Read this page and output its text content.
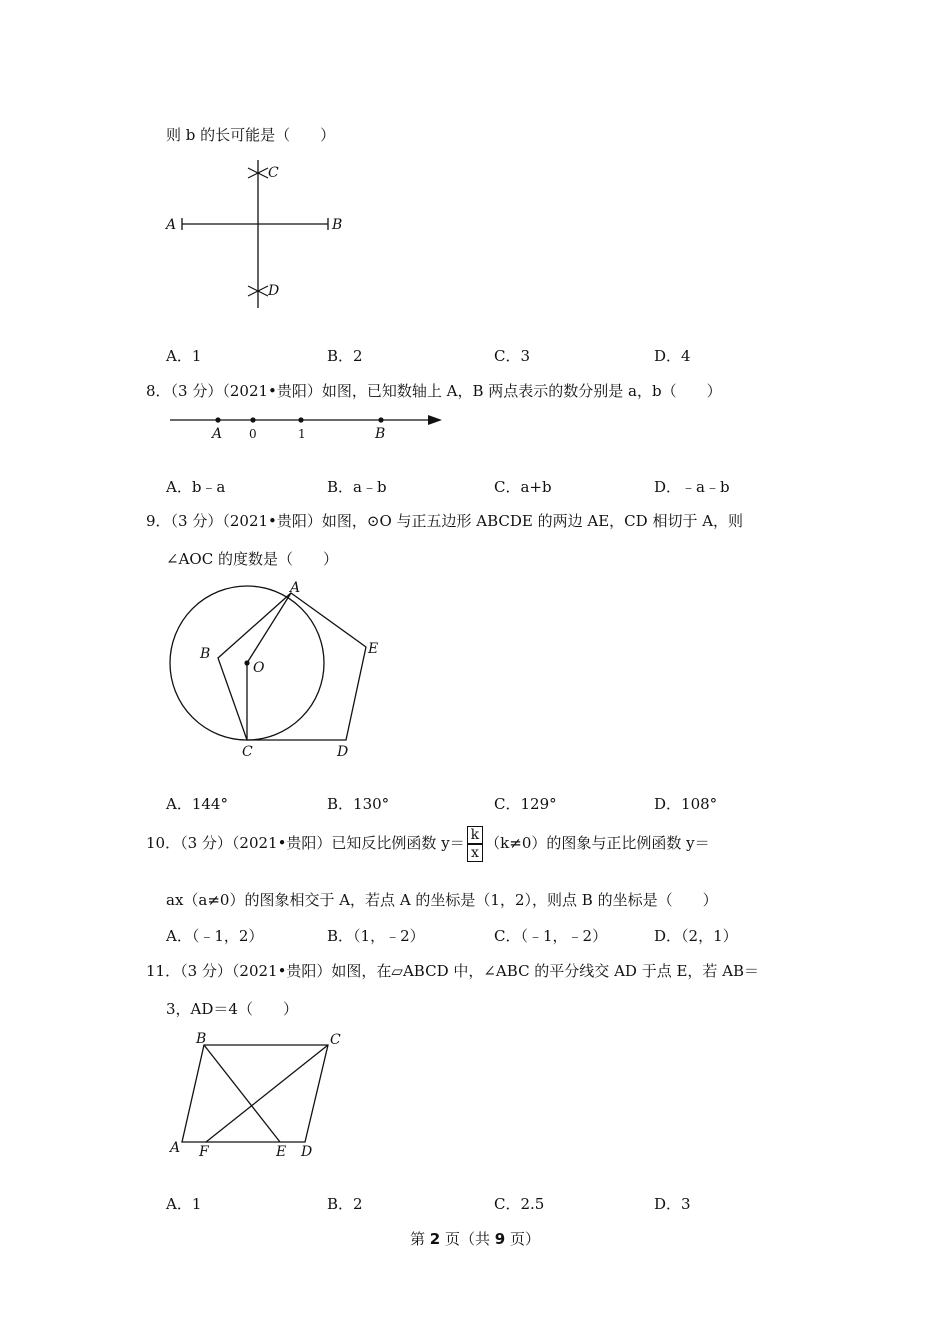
则 b 的长可能是（　　）
A	B
C
D
A．1	B．2	C．3	D．4
8．（3 分）（2021•贵阳）如图，已知数轴上 A，B 两点表示的数分别是 a，b（　　）
A 0	1	B
A．b﹣a	B．a﹣b	C．a+b	D．﹣a﹣b
9．（3 分）（2021•贵阳）如图，⊙O 与正五边形 ABCDE 的两边 AE，CD 相切于 A，则
∠AOC 的度数是（　　）
A
B
C	D
E
O
A．144°	B．130°	C．129°	D．108°
10．（3 分）（2021•贵阳）已知反比例函数 $y= \frac{k}{x} (k\ne 0)$的图象与正比例函数 y＝
ax（a≠0）的图象相交于 A，若点 A 的坐标是（1，2），则点 B 的坐标是（　　）
A．（﹣1，2）	B．（1，﹣2）	C．（﹣1，﹣2）	D．（2，1）
11．（3 分）（2021•贵阳）如图，在▱ABCD 中，∠ABC 的平分线交 AD 于点 E，若 AB＝
3，AD＝4（　　）
A
B	C
D
E
F
A．1	B．2	C．2.5	D．3
第 2 页（共 9 页）
